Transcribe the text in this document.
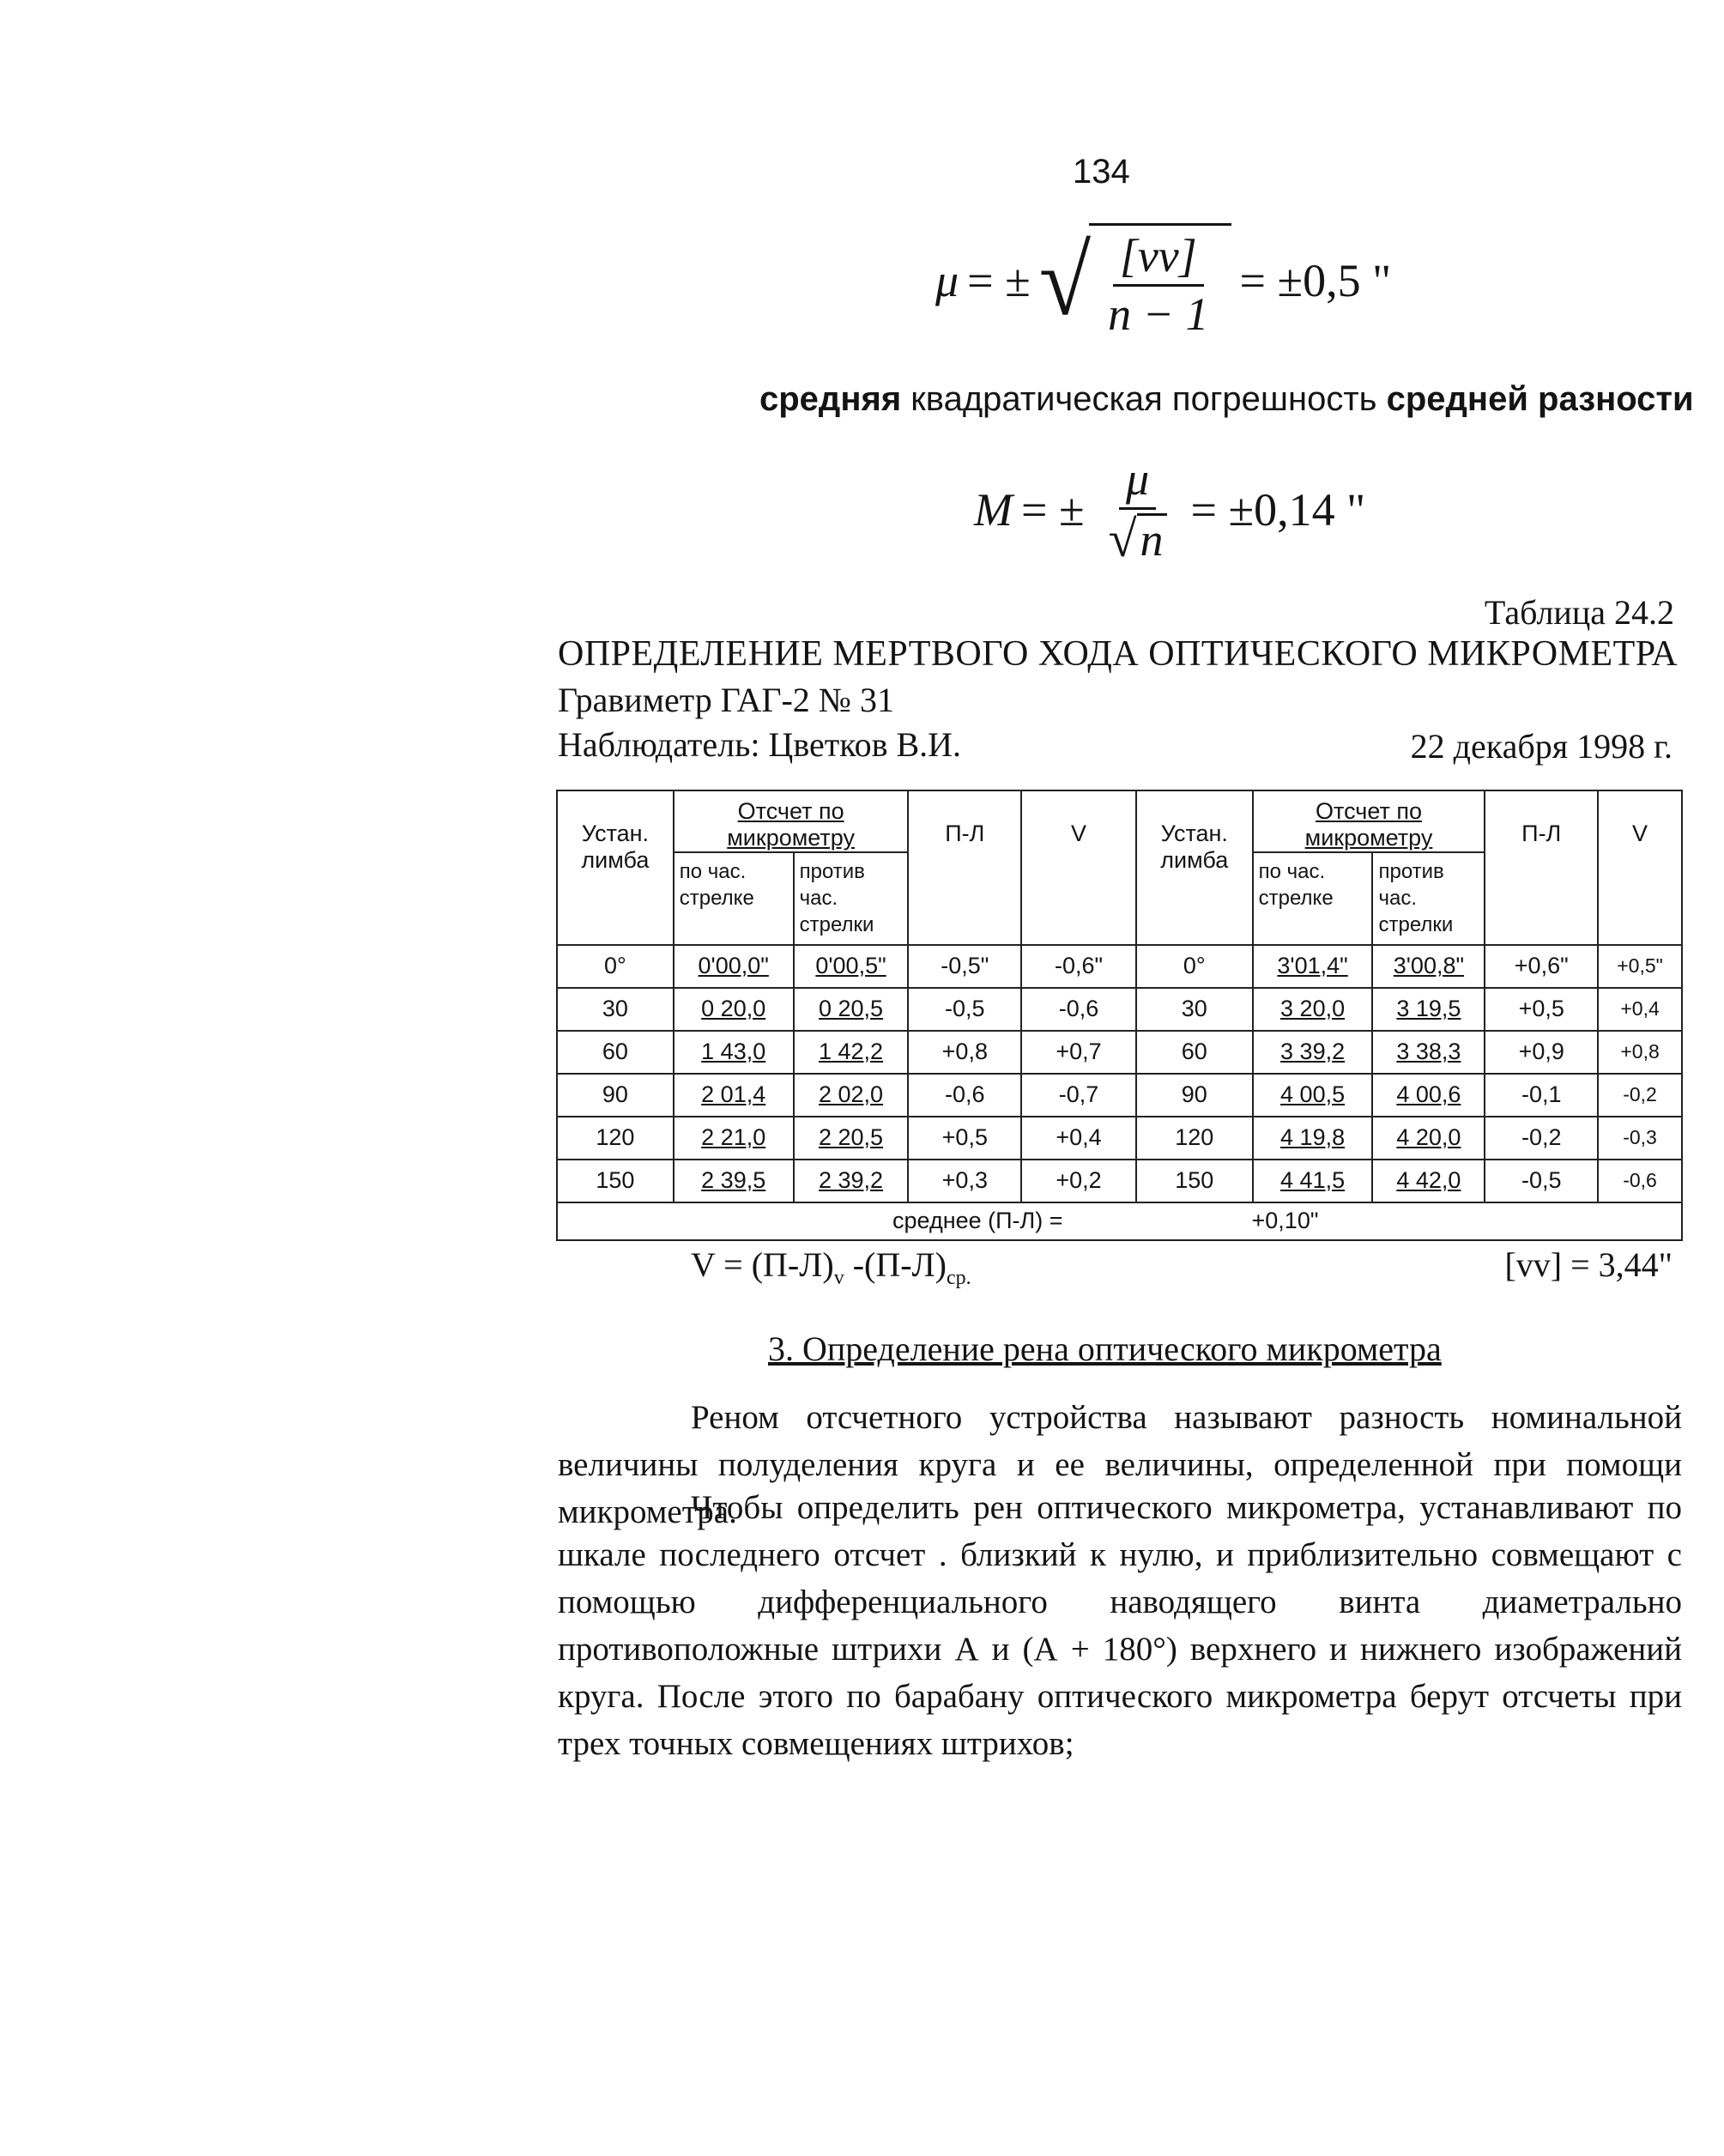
134
μ = ± √ $\frac{[vv]}{n - 1} = \pm 0,5$ "
средняя квадратическая погрешность средней разности
M = ± $\frac{\mu}{√ n} = \pm 0,14$ "
Таблица 24.2
ОПРЕДЕЛЕНИЕ МЕРТВОГО ХОДА ОПТИЧЕСКОГО МИКРОМЕТРА
Гравиметр ГАГ-2 № 31
Наблюдатель: Цветков В.И.	22 декабря 1998 г.
Устан. лимба	Отсчет по микрометру		П-Л	V	Устан. лимба	Отсчет по микрометру		П-Л	V
	по час. стрелке	против час. стрелки				по час. стрелке	против час. стрелки		
0°	0'00,0"	0'00,5"	-0,5"	-0,6"	0°	3'01,4"	3'00,8"	+0,6"	+0,5"
30	0 20,0	0 20,5	-0,5	-0,6	30	3 20,0	3 19,5	+0,5	+0,4
60	1 43,0	1 42,2	+0,8	+0,7	60	3 39,2	3 38,3	+0,9	+0,8
90	2 01,4	2 02,0	-0,6	-0,7	90	4 00,5	4 00,6	-0,1	-0,2
120	2 21,0	2 20,5	+0,5	+0,4	120	4 19,8	4 20,0	-0,2	-0,3
150	2 39,5	2 39,2	+0,3	+0,2	150	4 41,5	4 42,0	-0,5	-0,6
среднее (П-Л) = +0,10"									
$V = (П-Л)_v$ $-(П-Л)_{ср.}$	[vv] = 3,44"
3. Определение рена оптического микрометра
Реном отсчетного устройства называют разность номинальной величины полуделения круга и ее величины, определенной при помощи микрометра.
Чтобы определить рен оптического микрометра, устанавливают по шкале последнего отсчет . близкий к нулю, и приблизительно совмещают с помощью дифференциального наводящего винта диаметрально противоположные штрихи А и (А + 180°) верхнего и нижнего изображений круга. После этого по барабану оптического микрометра берут отсчеты при трех точных совмещениях штрихов;
